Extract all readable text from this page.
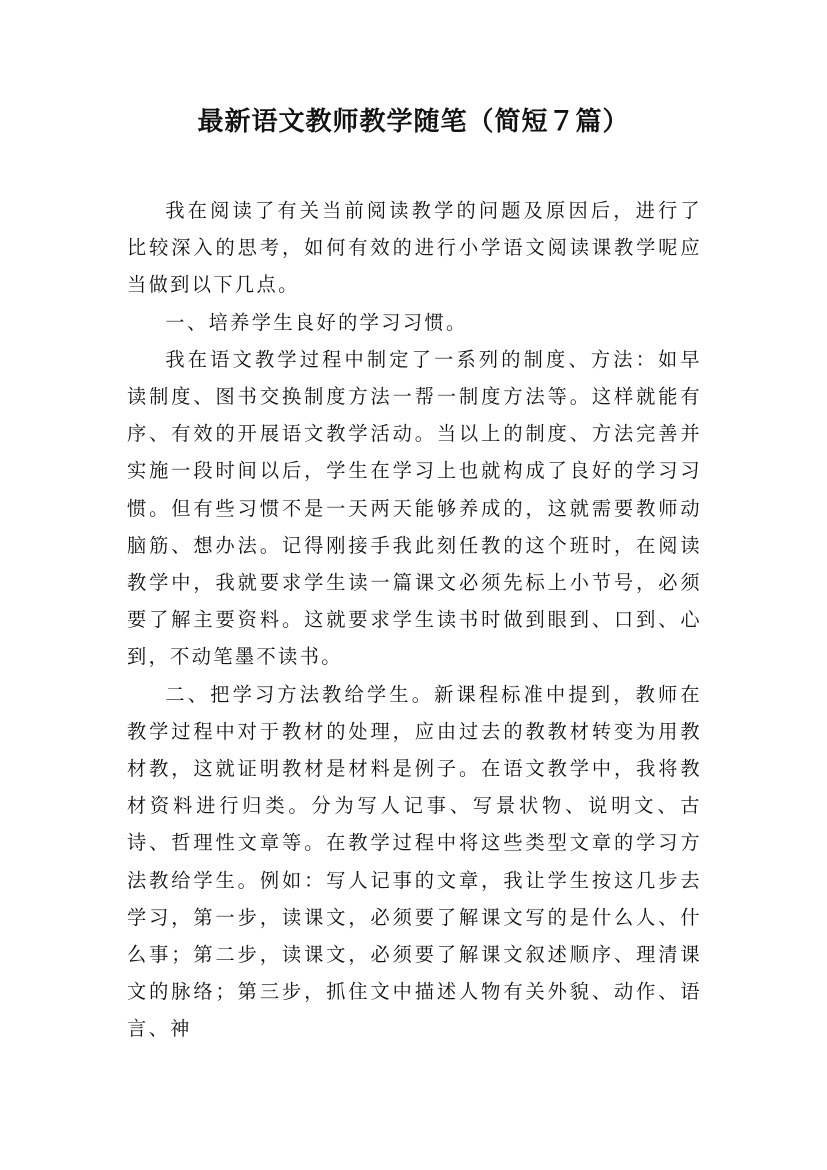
最新语文教师教学随笔（简短７篇）

我在阅读了有关当前阅读教学的问题及原因后，进行了比较深入的思考，如何有效的进行小学语文阅读课教学呢应当做到以下几点。

一、培养学生良好的学习习惯。

我在语文教学过程中制定了一系列的制度、方法：如早读制度、图书交换制度方法一帮一制度方法等。这样就能有序、有效的开展语文教学活动。当以上的制度、方法完善并实施一段时间以后，学生在学习上也就构成了良好的学习习惯。但有些习惯不是一天两天能够养成的，这就需要教师动脑筋、想办法。记得刚接手我此刻任教的这个班时，在阅读教学中，我就要求学生读一篇课文必须先标上小节号，必须要了解主要资料。这就要求学生读书时做到眼到、口到、心到，不动笔墨不读书。

二、把学习方法教给学生。新课程标准中提到，教师在教学过程中对于教材的处理，应由过去的教教材转变为用教材教，这就证明教材是材料是例子。在语文教学中，我将教材资料进行归类。分为写人记事、写景状物、说明文、古诗、哲理性文章等。在教学过程中将这些类型文章的学习方法教给学生。例如：写人记事的文章，我让学生按这几步去学习，第一步，读课文，必须要了解课文写的是什么人、什么事；第二步，读课文，必须要了解课文叙述顺序、理清课文的脉络；第三步，抓住文中描述人物有关外貌、动作、语言、神
